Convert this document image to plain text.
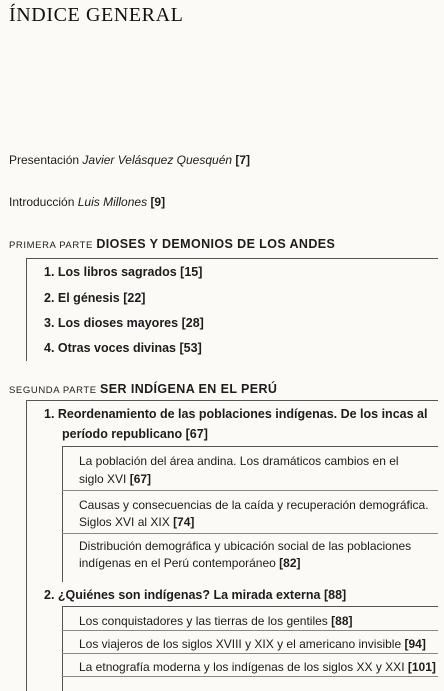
ÍNDICE GENERAL
Presentación Javier Velásquez Quesquén [7]
Introducción Luis Millones [9]
PRIMERA PARTE DIOSES Y DEMONIOS DE LOS ANDES
1. Los libros sagrados [15]
2. El génesis [22]
3. Los dioses mayores [28]
4. Otras voces divinas [53]
SEGUNDA PARTE SER INDÍGENA EN EL PERÚ
1. Reordenamiento de las poblaciones indígenas. De los incas al
período republicano [67]
La población del área andina. Los dramáticos cambios en el
siglo XVI [67]
Causas y consecuencias de la caída y recuperación demográfica.
Siglos XVI al XIX [74]
Distribución demográfica y ubicación social de las poblaciones
indígenas en el Perú contemporáneo [82]
2. ¿Quiénes son indígenas? La mirada externa [88]
Los conquistadores y las tierras de los gentiles [88]
Los viajeros de los siglos XVIII y XIX y el americano invisible [94]
La etnografía moderna y los indígenas de los siglos XX y XXI [101]
